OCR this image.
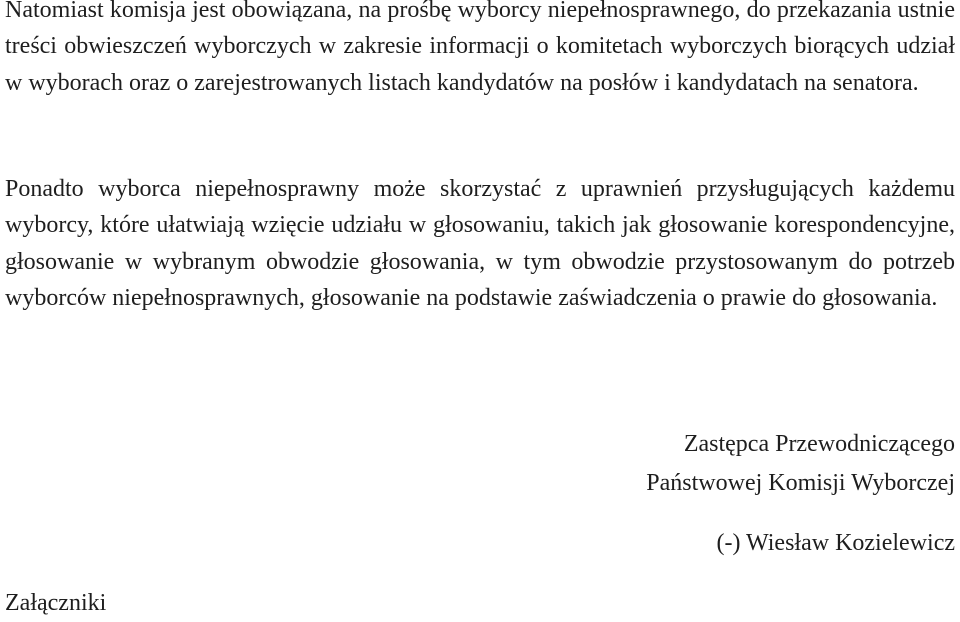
Natomiast komisja jest obowiązana, na prośbę wyborcy niepełnosprawnego, do przekazania ustnie treści obwieszczeń wyborczych w zakresie informacji o komitetach wyborczych biorących udział w wyborach oraz o zarejestrowanych listach kandydatów na posłów i kandydatach na senatora.

Ponadto wyborca niepełnosprawny może skorzystać z uprawnień przysługujących każdemu wyborcy, które ułatwiają wzięcie udziału w głosowaniu, takich jak głosowanie korespondencyjne, głosowanie w wybranym obwodzie głosowania, w tym obwodzie przystosowanym do potrzeb wyborców niepełnosprawnych, głosowanie na podstawie zaświadczenia o prawie do głosowania.

Zastępca Przewodniczącego
Państwowej Komisji Wyborczej
(-) Wiesław Kozielewicz
Załączniki
